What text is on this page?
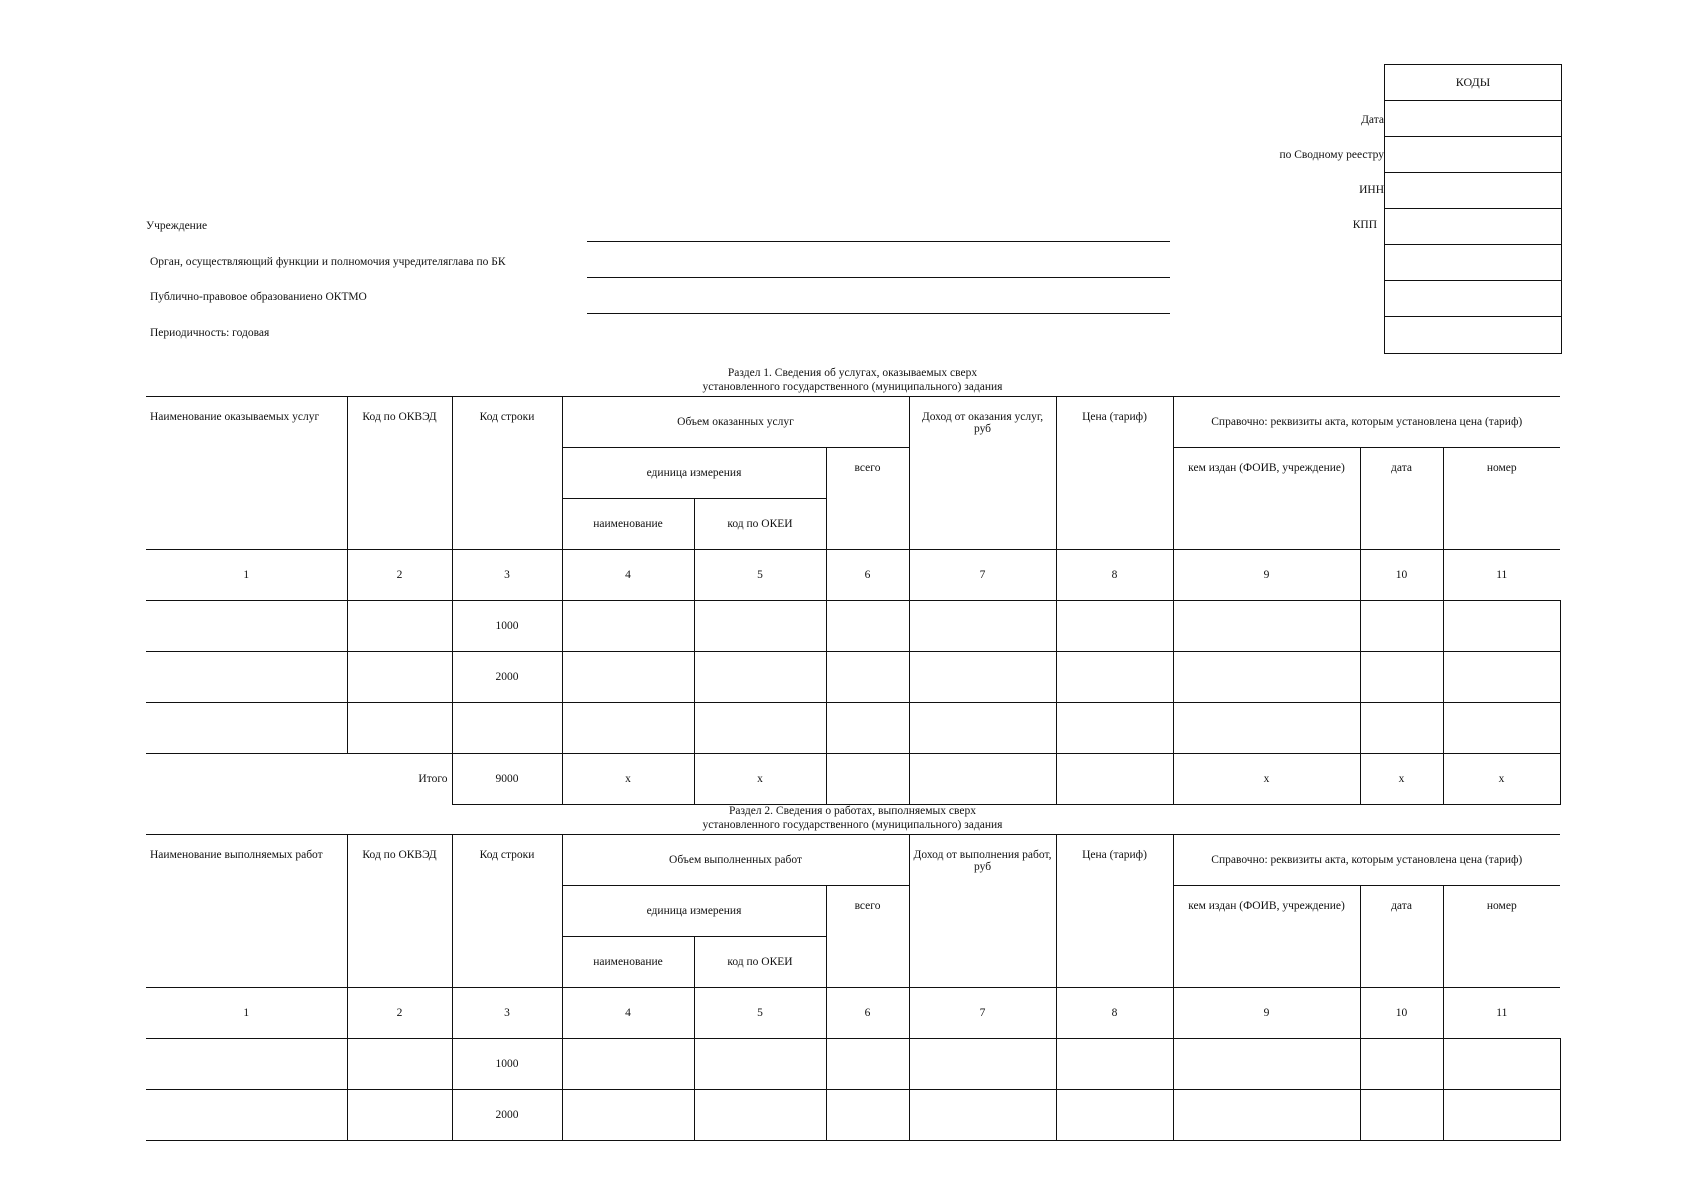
КОДЫ
Дата
по Сводному реестру
ИНН
КПП
Учреждение
Орган, осуществляющий функции и полномочия учредителяглава по БК
Публично-правовое образованиено ОКТМО
Периодичность: годовая
Раздел 1. Сведения об услугах, оказываемых сверх
установленного государственного (муниципального) задания
Наименование оказываемых услуг	Код по ОКВЭД	Код строки	Объем оказанных услуг			Доход от оказания услуг, руб	Цена (тариф)	Справочно: реквизиты акта, которым установлена цена (тариф)		
			единица измерения		всего			кем издан (ФОИВ, учреждение)	дата	номер
			наименование	код по ОКЕИ						
1	2	3	4	5	6	7	8	9	10	11
		1000								
		2000								

Итого		9000	x	x				x	x	x
Раздел 2. Сведения о работах, выполняемых сверх
установленного государственного (муниципального) задания
Наименование выполняемых работ	Код по ОКВЭД	Код строки	Объем выполненных работ			Доход от выполнения работ, руб	Цена (тариф)	Справочно: реквизиты акта, которым установлена цена (тариф)		
			единица измерения		всего			кем издан (ФОИВ, учреждение)	дата	номер
			наименование	код по ОКЕИ						
1	2	3	4	5	6	7	8	9	10	11
		1000								
		2000								
